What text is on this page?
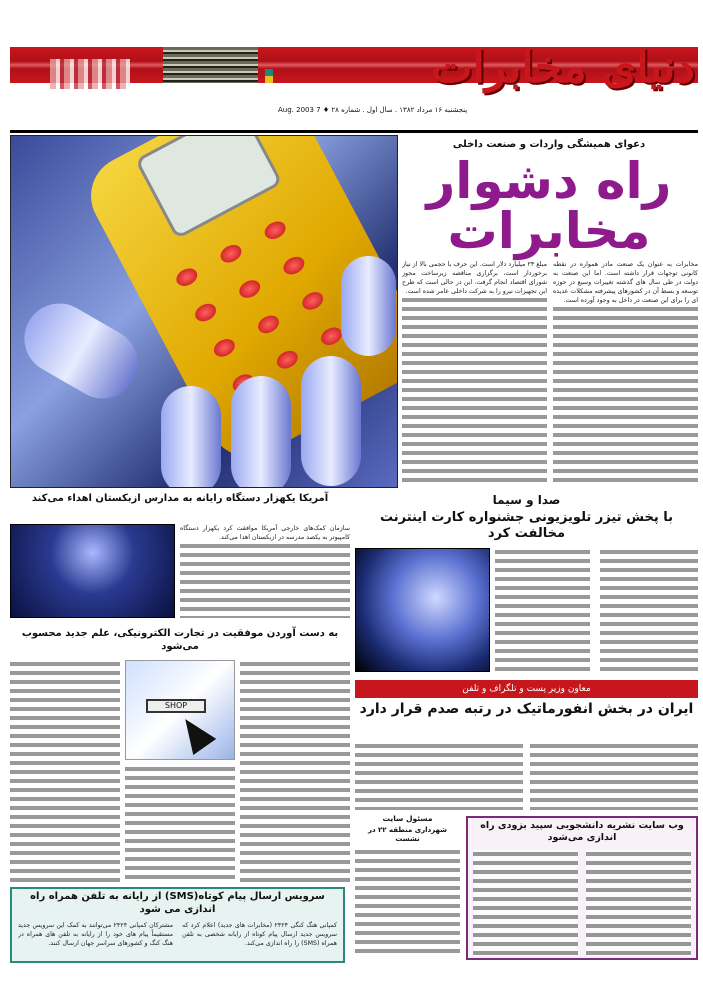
دنیای مخابرات
پنجشنبه ۱۶ مرداد ۱۳۸۲ . سال اول . شماره ۲۸ ♦ 7 Aug. 2003
دعوای همیشگی واردات و صنعت داخلی
راه دشوار
مخابرات
مخابرات به عنوان یک صنعت مادر همواره در نقطه کانونی توجهات قرار داشته است. اما این صنعت به دولت در طی سال های گذشته تغییرات وسیع در حوزه توسعه و بسط آن در کشورهای پیشرفته مشکلات عدیده ای را برای این صنعت در داخل به وجود آورده است.
مبلغ ۲۳ میلیارد دلار است. این حرف با حجمی بالا از نیاز برخوردار است، برگزاری مناقصه زیرساخت مجوز شورای اقتصاد انجام گرفت. این در حالی است که طرح این تجهیزات نیرو را به شرکت داخلی عامر شده است.
آمریکا یکهزار دستگاه رایانه به مدارس ازبکستان اهداء می‌کند
سازمان کمک‌های خارجی آمریکا موافقت کرد یکهزار دستگاه کامپیوتر به یکصد مدرسه در ازبکستان اهدا می‌کند.
صدا و سیما
با پخش تیزر تلویزیونی جشنواره کارت اینترنت مخالفت کرد
به دست آوردن موفقیت در تجارت الکترونیکی، علم جدید محسوب می‌شود
SHOP
سرویس ارسال پیام کوتاه(SMS) از رایانه به تلفن همراه راه اندازی می شود
کمپانی هنگ کنگی ۲۴۲۴ (مخابرات های جدید) اعلام کرد که سرویس جدید ارسال پیام کوتاه از رایانه شخصی به تلفن همراه (SMS) را راه اندازی می‌کند.
مشترکان کمپانی ۲۴۲۴ می‌توانند به کمک این سرویس جدید مستقیماً پیام های خود را از رایانه به تلفن های همراه در هنگ کنگ و کشورهای سراسر جهان ارسال کنند.
معاون وزیر پست و تلگراف و تلفن
ایران در بخش انفورماتیک در رتبه صدم قرار دارد
مسئول سایت
شهرداری منطقه ۲۲ در نشست
وب سایت نشریه دانشجویی سپید بزودی راه اندازی می‌شود
